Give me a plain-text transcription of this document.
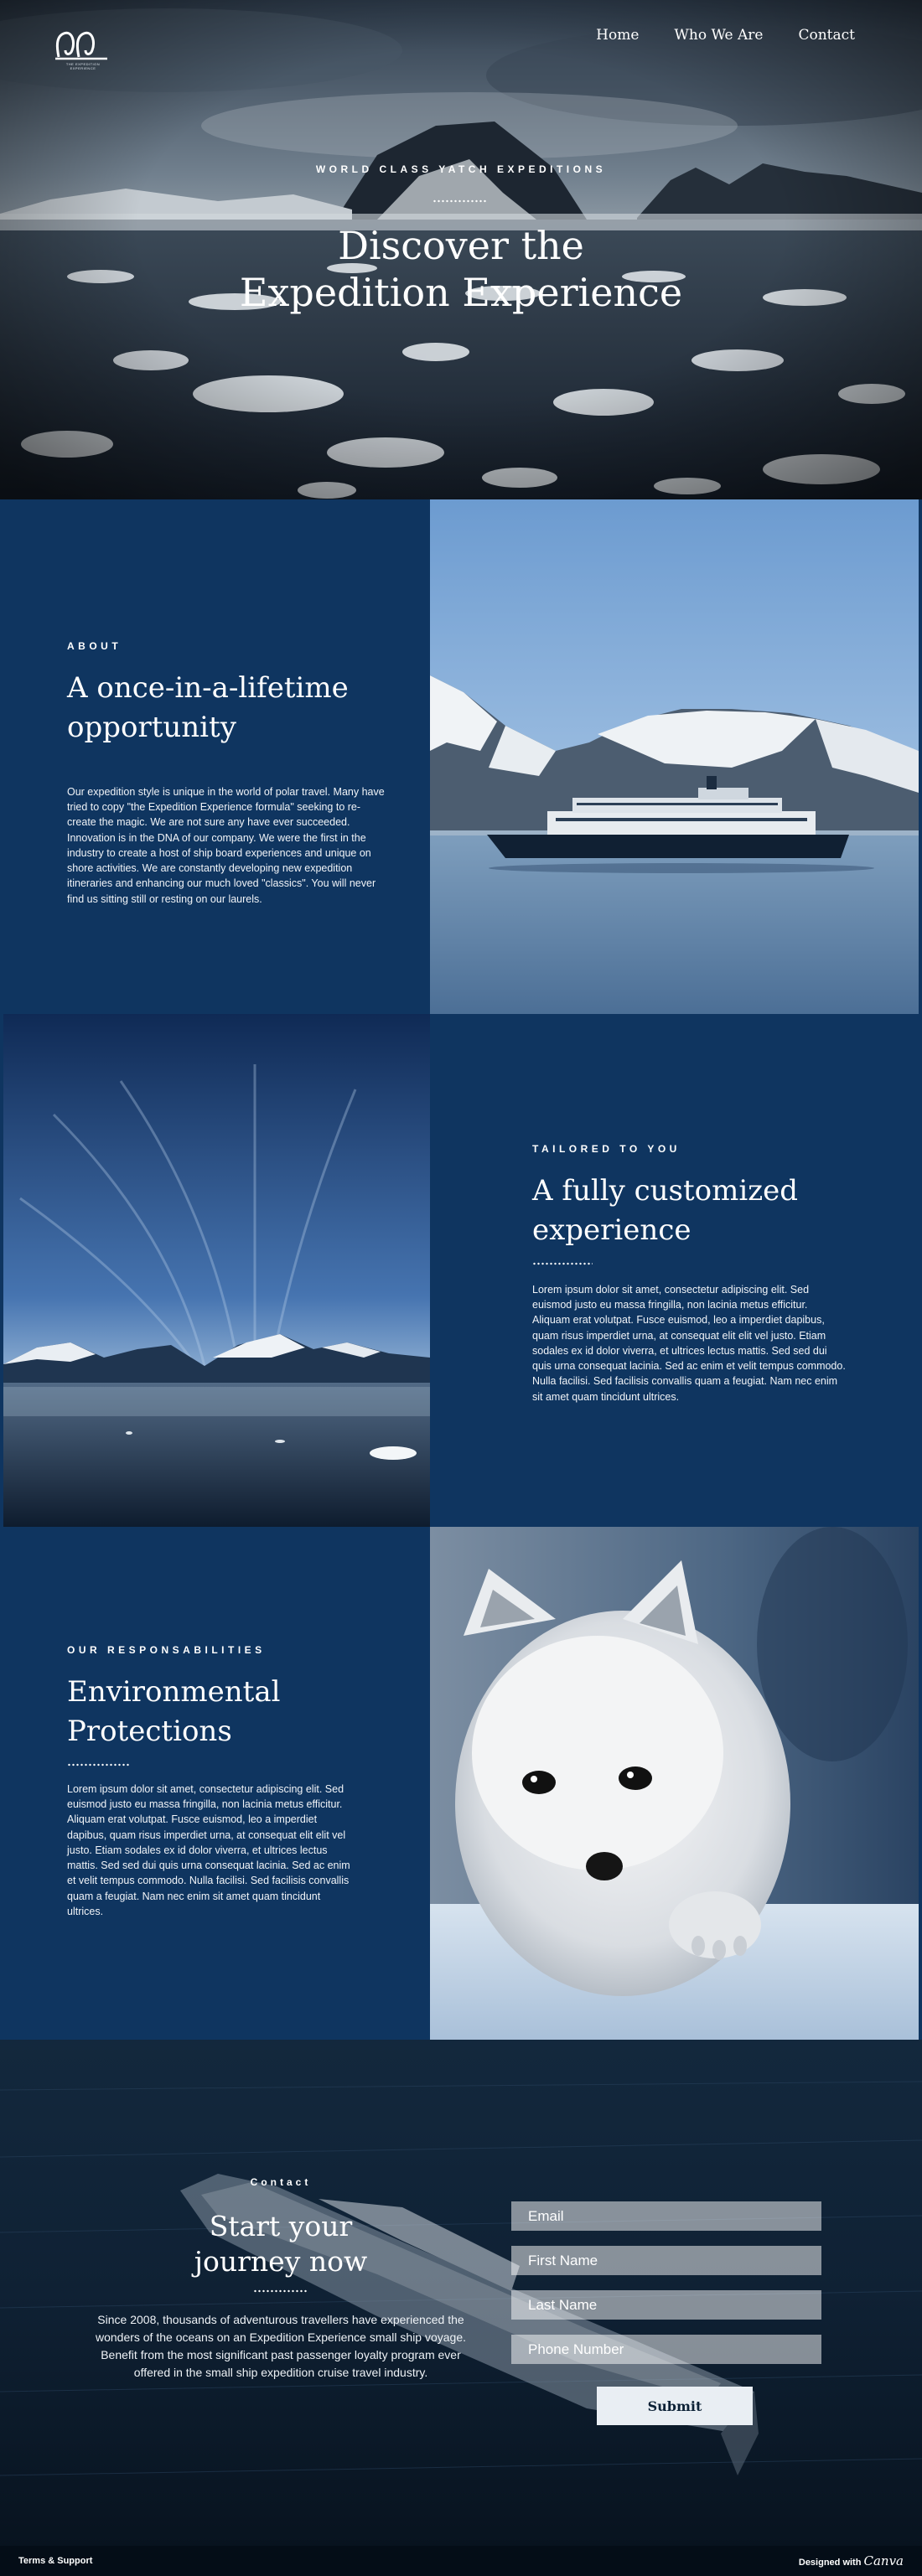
THE EXPEDITION EXPERIENCE
Home Who We Are Contact
WORLD CLASS YATCH EXPEDITIONS
Discover the
Expedition Experience
ABOUT
A once-in-a-lifetime
opportunity

Our expedition style is unique in the world of polar travel. Many have tried to copy "the Expedition Experience formula" seeking to re-create the magic. We are not sure any have ever succeeded. Innovation is in the DNA of our company. We were the first in the industry to create a host of ship board experiences and unique on shore activities. We are constantly developing new expedition itineraries and enhancing our much loved "classics". You will never find us sitting still or resting on our laurels.

TAILORED TO YOU
A fully customized
experience

Lorem ipsum dolor sit amet, consectetur adipiscing elit. Sed euismod justo eu massa fringilla, non lacinia metus efficitur. Aliquam erat volutpat. Fusce euismod, leo a imperdiet dapibus, quam risus imperdiet urna, at consequat elit elit vel justo. Etiam sodales ex id dolor viverra, et ultrices lectus mattis. Sed sed dui quis urna consequat lacinia. Sed ac enim et velit tempus commodo. Nulla facilisi. Sed facilisis convallis quam a feugiat. Nam nec enim sit amet quam tincidunt ultrices.

OUR RESPONSABILITIES
Environmental
Protections

Lorem ipsum dolor sit amet, consectetur adipiscing elit. Sed euismod justo eu massa fringilla, non lacinia metus efficitur. Aliquam erat volutpat. Fusce euismod, leo a imperdiet dapibus, quam risus imperdiet urna, at consequat elit elit vel justo. Etiam sodales ex id dolor viverra, et ultrices lectus mattis. Sed sed dui quis urna consequat lacinia. Sed ac enim et velit tempus commodo. Nulla facilisi. Sed facilisis convallis quam a feugiat. Nam nec enim sit amet quam tincidunt ultrices.

Contact
Start your
journey now

Since 2008, thousands of adventurous travellers have experienced the wonders of the oceans on an Expedition Experience small ship voyage. Benefit from the most significant past passenger loyalty program ever offered in the small ship expedition cruise travel industry.

Email
First Name
Last Name
Phone Number
Submit
Terms & Support	Designed with Canva
